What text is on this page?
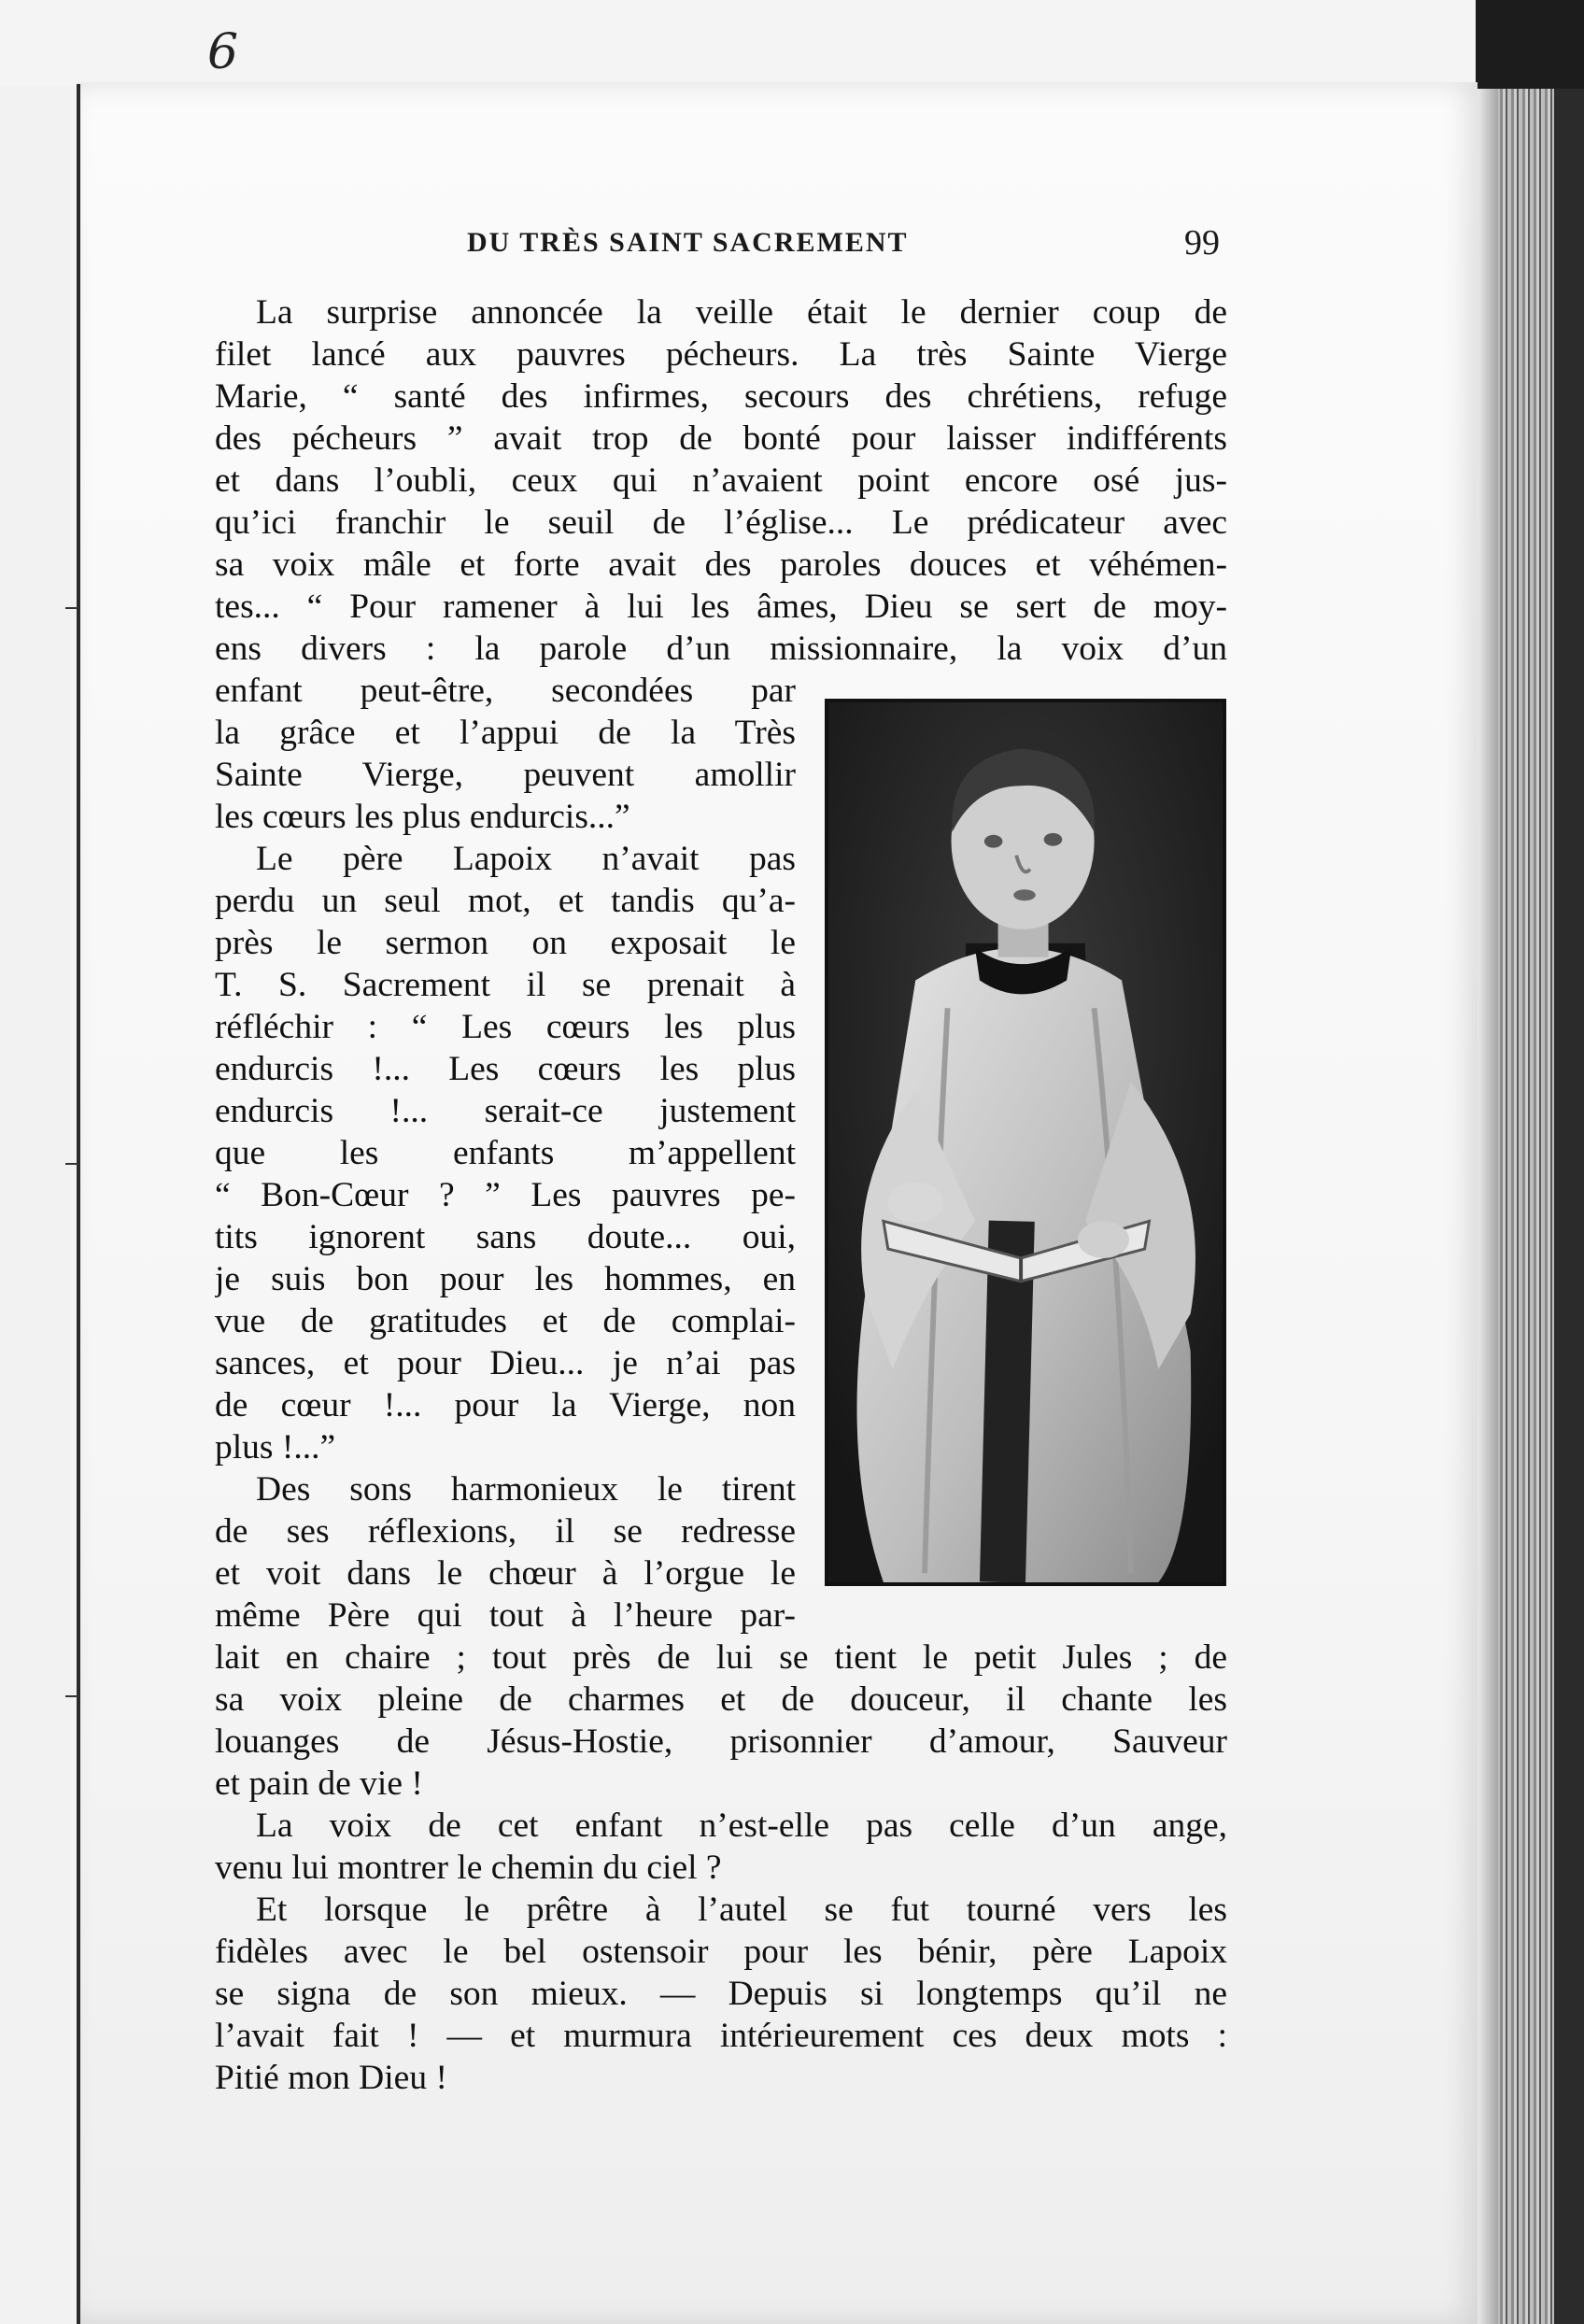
6
DU TRÈS SAINT SACREMENT	99
La surprise annoncée la veille était le dernier coup de
filet lancé aux pauvres pécheurs. La très Sainte Vierge
Marie, “ santé des infirmes, secours des chrétiens, refuge
des pécheurs ” avait trop de bonté pour laisser indifférents
et dans l’oubli, ceux qui n’avaient point encore osé jus-
qu’ici franchir le seuil de l’église... Le prédicateur avec
sa voix mâle et forte avait des paroles douces et véhémen-
tes... “ Pour ramener à lui les âmes, Dieu se sert de moy-
ens divers : la parole d’un missionnaire, la voix d’un
enfant peut-être, secondées par
la grâce et l’appui de la Très
Sainte Vierge, peuvent amollir
les cœurs les plus endurcis...”
Le père Lapoix n’avait pas
perdu un seul mot, et tandis qu’a-
près le sermon on exposait le
T. S. Sacrement il se prenait à
réfléchir : “ Les cœurs les plus
endurcis !... Les cœurs les plus
endurcis !... serait-ce justement
que les enfants m’appellent
“ Bon-Cœur ? ” Les pauvres pe-
tits ignorent sans doute... oui,
je suis bon pour les hommes, en
vue de gratitudes et de complai-
sances, et pour Dieu... je n’ai pas
de cœur !... pour la Vierge, non
plus !...”
Des sons harmonieux le tirent
de ses réflexions, il se redresse
et voit dans le chœur à l’orgue le
même Père qui tout à l’heure par-
lait en chaire ; tout près de lui se tient le petit Jules ; de
sa voix pleine de charmes et de douceur, il chante les
louanges de Jésus-Hostie, prisonnier d’amour, Sauveur
et pain de vie !
La voix de cet enfant n’est-elle pas celle d’un ange,
venu lui montrer le chemin du ciel ?
Et lorsque le prêtre à l’autel se fut tourné vers les
fidèles avec le bel ostensoir pour les bénir, père Lapoix
se signa de son mieux. — Depuis si longtemps qu’il ne
l’avait fait ! — et murmura intérieurement ces deux mots :
Pitié mon Dieu !
